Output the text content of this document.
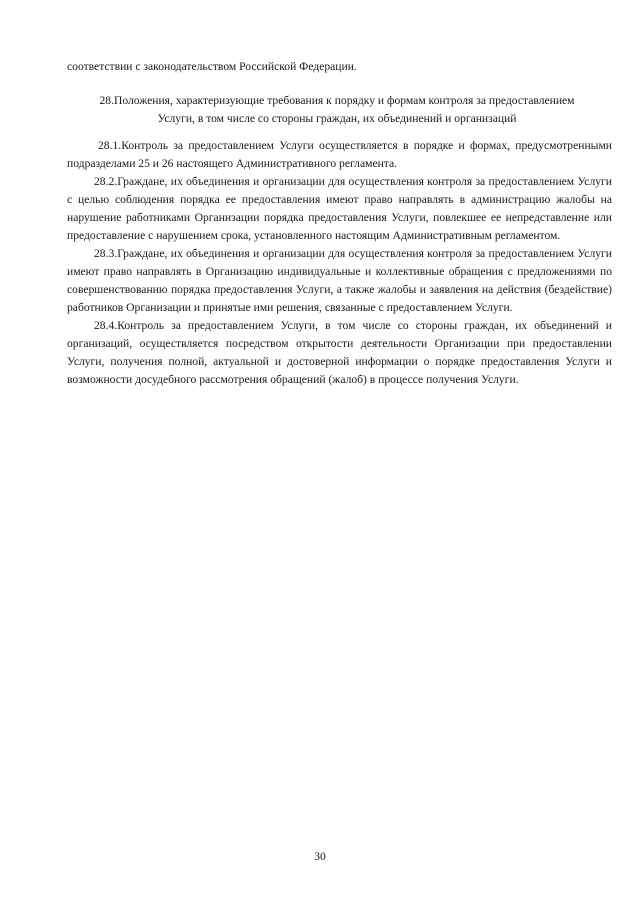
соответствии с законодательством Российской Федерации.

28.Положения, характеризующие требования к порядку и формам контроля за предоставлением
Услуги, в том числе со стороны граждан, их объединений и организаций

28.1.Контроль за предоставлением Услуги осуществляется в порядке и формах, предусмотренными подразделами 25 и 26 настоящего Административного регламента.

28.2.Граждане, их объединения и организации для осуществления контроля за предоставлением Услуги с целью соблюдения порядка ее предоставления имеют право направлять в администрацию жалобы на нарушение работниками Организации порядка предоставления Услуги, повлекшее ее непредставление или предоставление с нарушением срока, установленного настоящим Административным регламентом.

28.3.Граждане, их объединения и организации для осуществления контроля за предоставлением Услуги имеют право направлять в Организацию индивидуальные и коллективные обращения с предложениями по совершенствованию порядка предоставления Услуги, а также жалобы и заявления на действия (бездействие) работников Организации и принятые ими решения, связанные с предоставлением Услуги.

28.4.Контроль за предоставлением Услуги, в том числе со стороны граждан, их объединений и организаций, осуществляется посредством открытости деятельности Организации при предоставлении Услуги, получения полной, актуальной и достоверной информации о порядке предоставления Услуги и возможности досудебного рассмотрения обращений (жалоб) в процессе получения Услуги.

30
